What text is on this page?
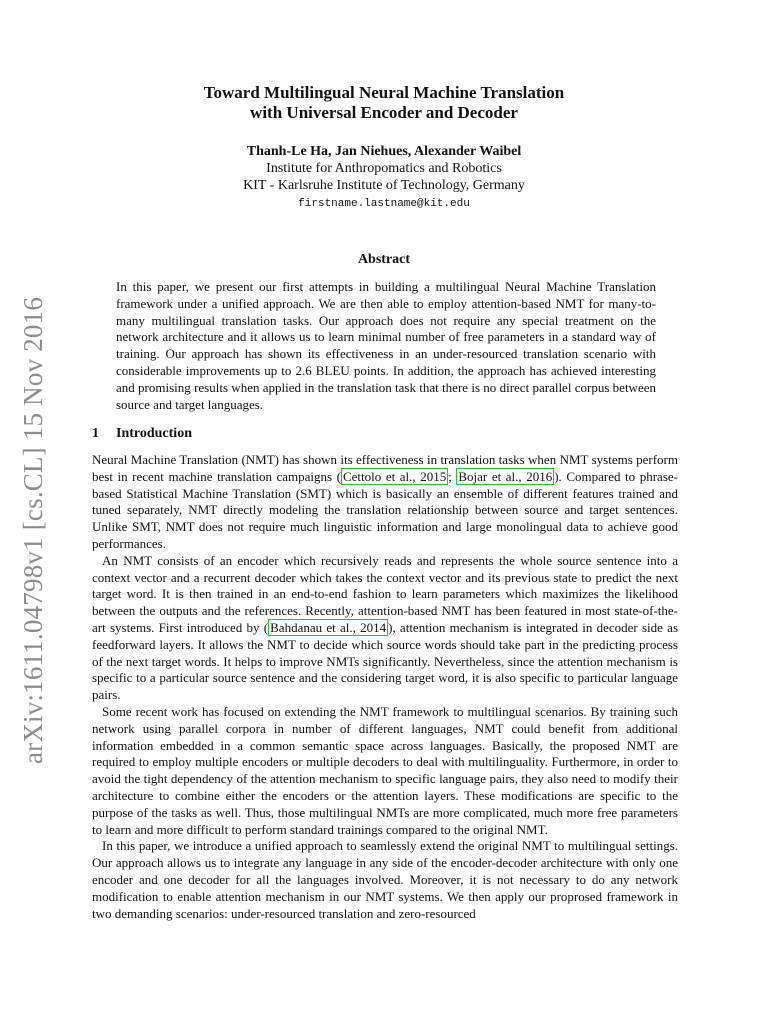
arXiv:1611.04798v1 [cs.CL] 15 Nov 2016
Toward Multilingual Neural Machine Translation
with Universal Encoder and Decoder
Thanh-Le Ha, Jan Niehues, Alexander Waibel
Institute for Anthropomatics and Robotics
KIT - Karlsruhe Institute of Technology, Germany
firstname.lastname@kit.edu
Abstract

In this paper, we present our first attempts in building a multilingual Neural Machine Translation framework under a unified approach. We are then able to employ attention-based NMT for many-to-many multilingual translation tasks. Our approach does not require any special treatment on the network architecture and it allows us to learn minimal number of free parameters in a standard way of training. Our approach has shown its effectiveness in an under-resourced translation scenario with considerable improvements up to 2.6 BLEU points. In addition, the approach has achieved interesting and promising results when applied in the translation task that there is no direct parallel corpus between source and target languages.

1 Introduction

Neural Machine Translation (NMT) has shown its effectiveness in translation tasks when NMT systems perform best in recent machine translation campaigns ( Cettolo et al., 2015 ; Bojar et al., 2016 ). Compared to phrase-based Statistical Machine Translation (SMT) which is basically an ensemble of different features trained and tuned separately, NMT directly modeling the translation relationship between source and target sentences. Unlike SMT, NMT does not require much linguistic information and large monolingual data to achieve good performances.

An NMT consists of an encoder which recursively reads and represents the whole source sentence into a context vector and a recurrent decoder which takes the context vector and its previous state to predict the next target word. It is then trained in an end-to-end fashion to learn parameters which maximizes the likelihood between the outputs and the references. Recently, attention-based NMT has been featured in most state-of-the-art systems. First introduced by ( Bahdanau et al., 2014 ), attention mechanism is integrated in decoder side as feedforward layers. It allows the NMT to decide which source words should take part in the predicting process of the next target words. It helps to improve NMTs significantly. Nevertheless, since the attention mechanism is specific to a particular source sentence and the considering target word, it is also specific to particular language pairs.

Some recent work has focused on extending the NMT framework to multilingual scenarios. By training such network using parallel corpora in number of different languages, NMT could benefit from additional information embedded in a common semantic space across languages. Basically, the proposed NMT are required to employ multiple encoders or multiple decoders to deal with multilinguality. Furthermore, in order to avoid the tight dependency of the attention mechanism to specific language pairs, they also need to modify their architecture to combine either the encoders or the attention layers. These modifications are specific to the purpose of the tasks as well. Thus, those multilingual NMTs are more complicated, much more free parameters to learn and more difficult to perform standard trainings compared to the original NMT.

In this paper, we introduce a unified approach to seamlessly extend the original NMT to multilingual settings. Our approach allows us to integrate any language in any side of the encoder-decoder architecture with only one encoder and one decoder for all the languages involved. Moreover, it is not necessary to do any network modification to enable attention mechanism in our NMT systems. We then apply our proprosed framework in two demanding scenarios: under-resourced translation and zero-resourced
